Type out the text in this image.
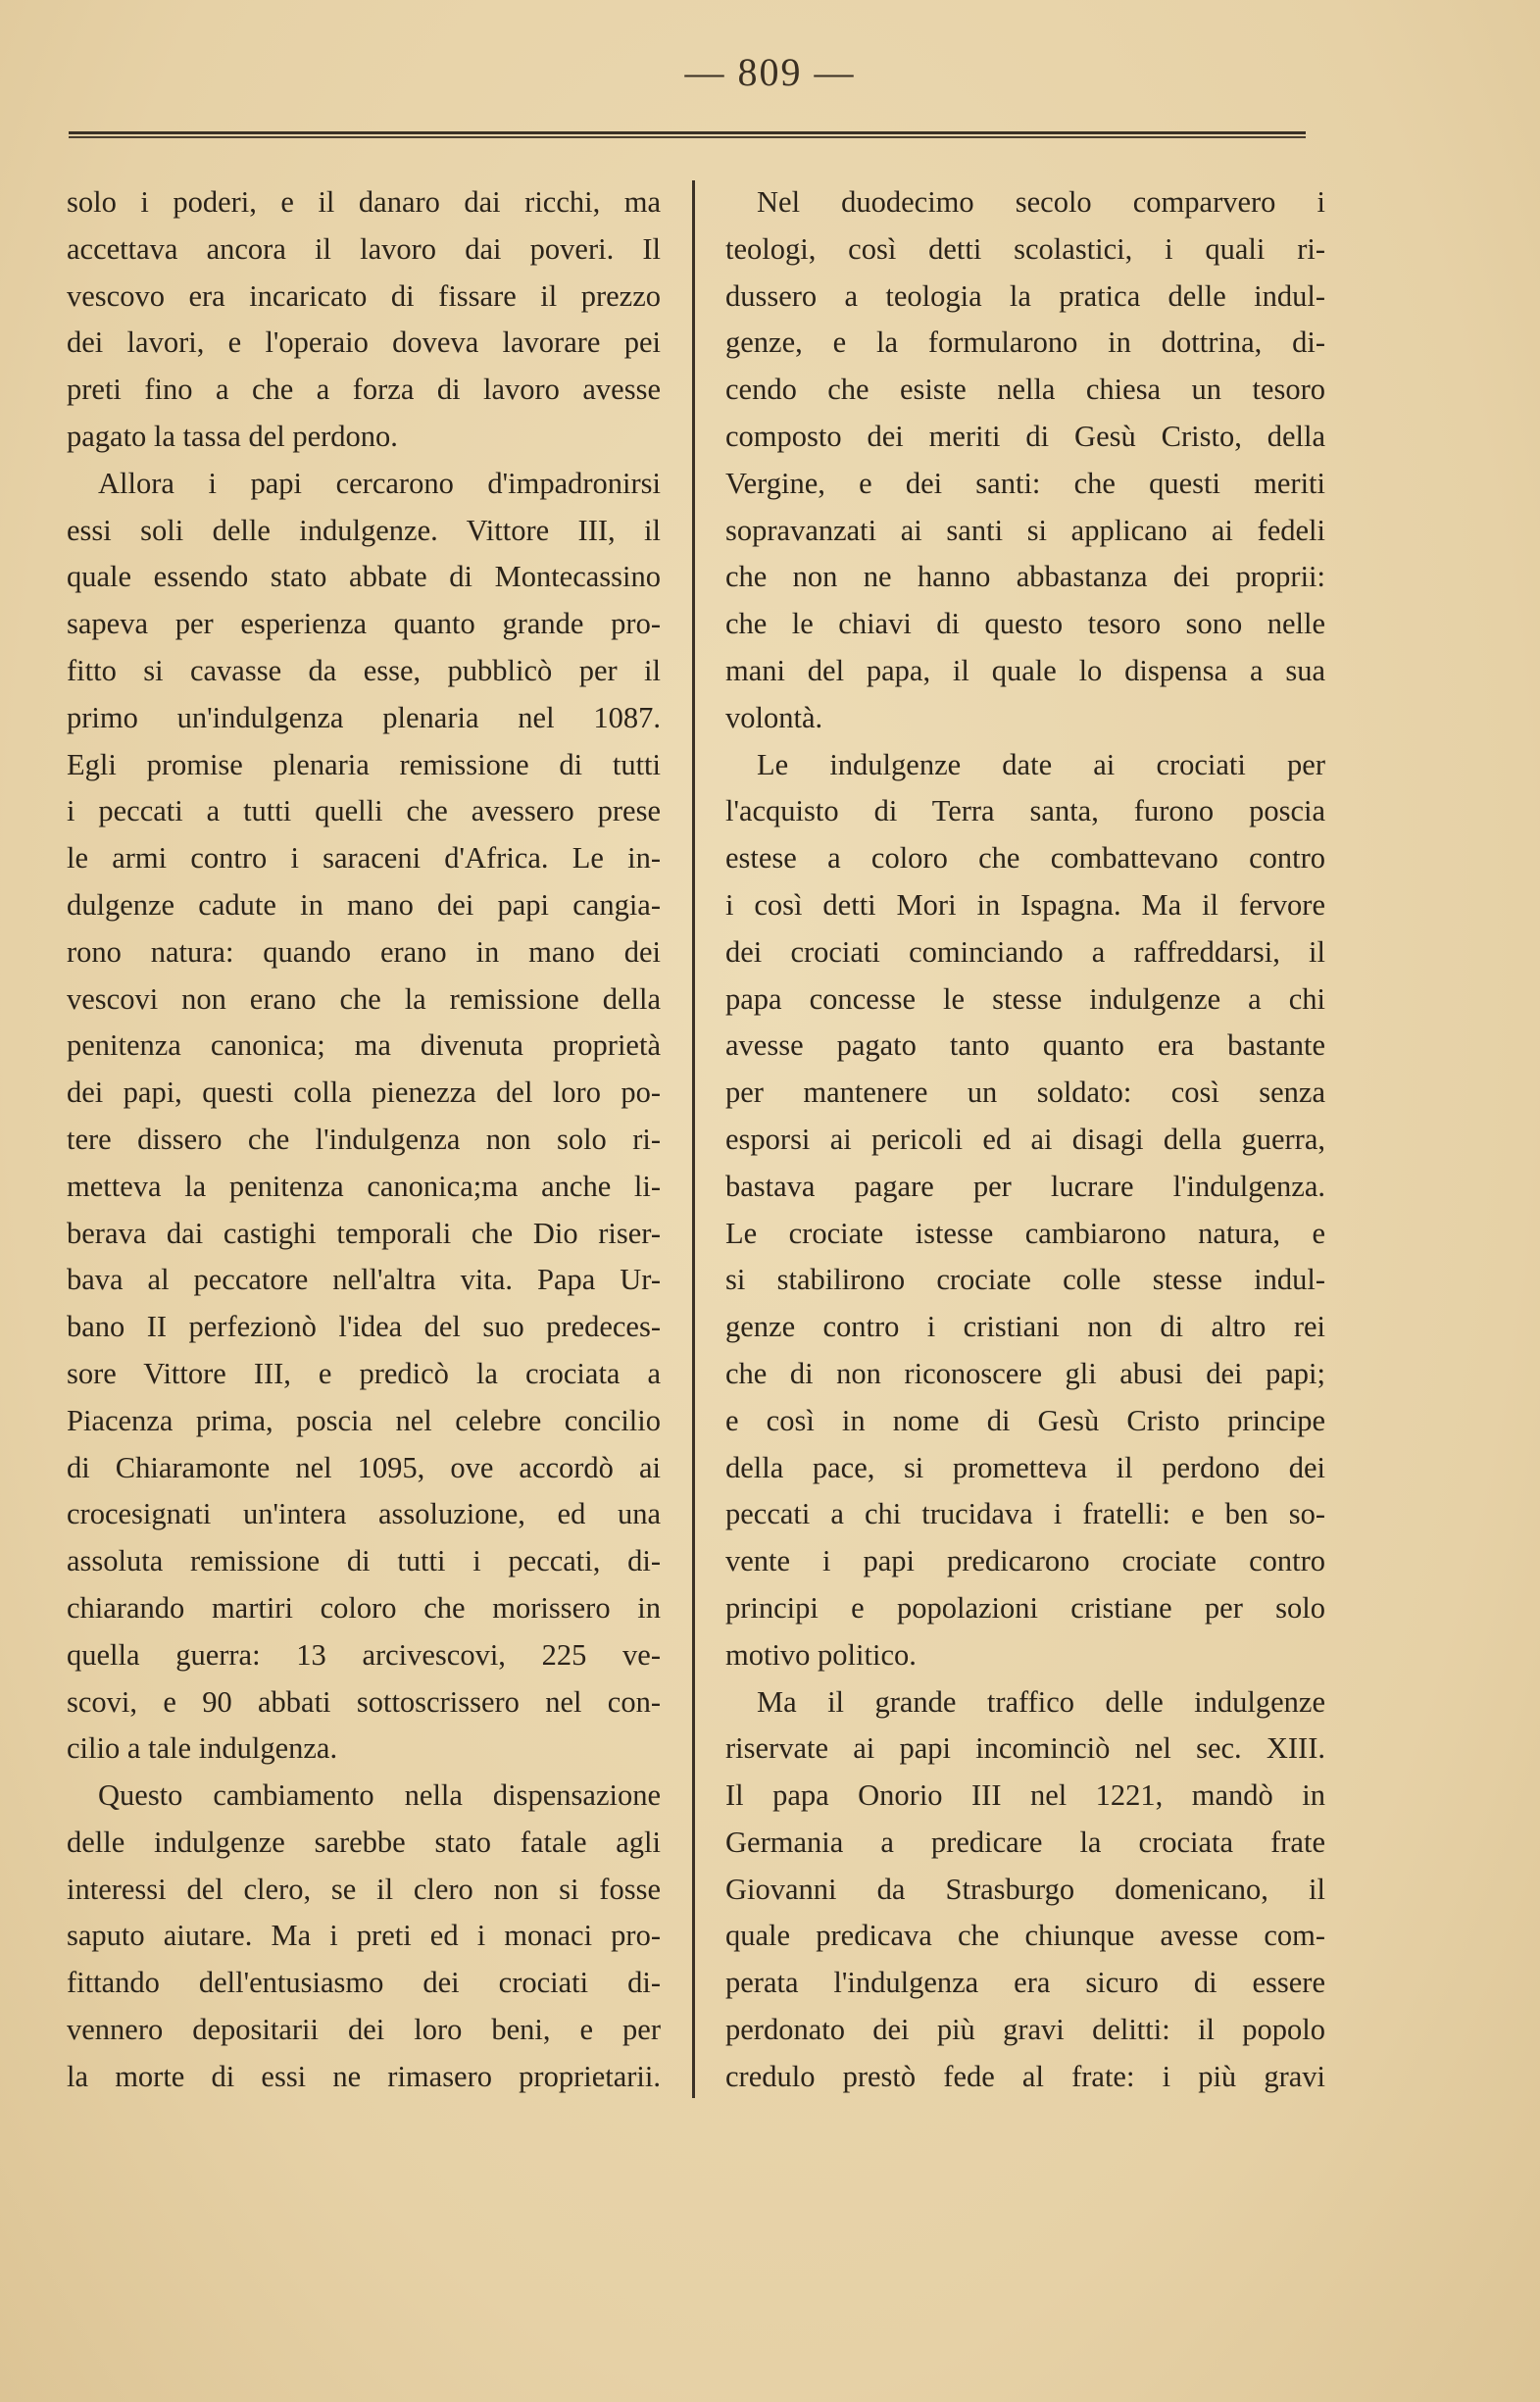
— 809 —
solo i poderi, e il danaro dai ricchi, ma
accettava ancora il lavoro dai poveri. Il
vescovo era incaricato di fissare il prezzo
dei lavori, e l'operaio doveva lavorare pei
preti fino a che a forza di lavoro avesse
pagato la tassa del perdono.
Allora i papi cercarono d'impadronirsi
essi soli delle indulgenze. Vittore III, il
quale essendo stato abbate di Montecassino
sapeva per esperienza quanto grande pro-
fitto si cavasse da esse, pubblicò per il
primo un'indulgenza plenaria nel 1087.
Egli promise plenaria remissione di tutti
i peccati a tutti quelli che avessero prese
le armi contro i saraceni d'Africa. Le in-
dulgenze cadute in mano dei papi cangia-
rono natura: quando erano in mano dei
vescovi non erano che la remissione della
penitenza canonica; ma divenuta proprietà
dei papi, questi colla pienezza del loro po-
tere dissero che l'indulgenza non solo ri-
metteva la penitenza canonica;ma anche li-
berava dai castighi temporali che Dio riser-
bava al peccatore nell'altra vita. Papa Ur-
bano II perfezionò l'idea del suo predeces-
sore Vittore III, e predicò la crociata a
Piacenza prima, poscia nel celebre concilio
di Chiaramonte nel 1095, ove accordò ai
crocesignati un'intera assoluzione, ed una
assoluta remissione di tutti i peccati, di-
chiarando martiri coloro che morissero in
quella guerra: 13 arcivescovi, 225 ve-
scovi, e 90 abbati sottoscrissero nel con-
cilio a tale indulgenza.
Questo cambiamento nella dispensazione
delle indulgenze sarebbe stato fatale agli
interessi del clero, se il clero non si fosse
saputo aiutare. Ma i preti ed i monaci pro-
fittando dell'entusiasmo dei crociati di-
vennero depositarii dei loro beni, e per
la morte di essi ne rimasero proprietarii.
Nel duodecimo secolo comparvero i
teologi, così detti scolastici, i quali ri-
dussero a teologia la pratica delle indul-
genze, e la formularono in dottrina, di-
cendo che esiste nella chiesa un tesoro
composto dei meriti di Gesù Cristo, della
Vergine, e dei santi: che questi meriti
sopravanzati ai santi si applicano ai fedeli
che non ne hanno abbastanza dei proprii:
che le chiavi di questo tesoro sono nelle
mani del papa, il quale lo dispensa a sua
volontà.
Le indulgenze date ai crociati per
l'acquisto di Terra santa, furono poscia
estese a coloro che combattevano contro
i così detti Mori in Ispagna. Ma il fervore
dei crociati cominciando a raffreddarsi, il
papa concesse le stesse indulgenze a chi
avesse pagato tanto quanto era bastante
per mantenere un soldato: così senza
esporsi ai pericoli ed ai disagi della guerra,
bastava pagare per lucrare l'indulgenza.
Le crociate istesse cambiarono natura, e
si stabilirono crociate colle stesse indul-
genze contro i cristiani non di altro rei
che di non riconoscere gli abusi dei papi;
e così in nome di Gesù Cristo principe
della pace, si prometteva il perdono dei
peccati a chi trucidava i fratelli: e ben so-
vente i papi predicarono crociate contro
principi e popolazioni cristiane per solo
motivo politico.
Ma il grande traffico delle indulgenze
riservate ai papi incominciò nel sec. XIII.
Il papa Onorio III nel 1221, mandò in
Germania a predicare la crociata frate
Giovanni da Strasburgo domenicano, il
quale predicava che chiunque avesse com-
perata l'indulgenza era sicuro di essere
perdonato dei più gravi delitti: il popolo
credulo prestò fede al frate: i più gravi
